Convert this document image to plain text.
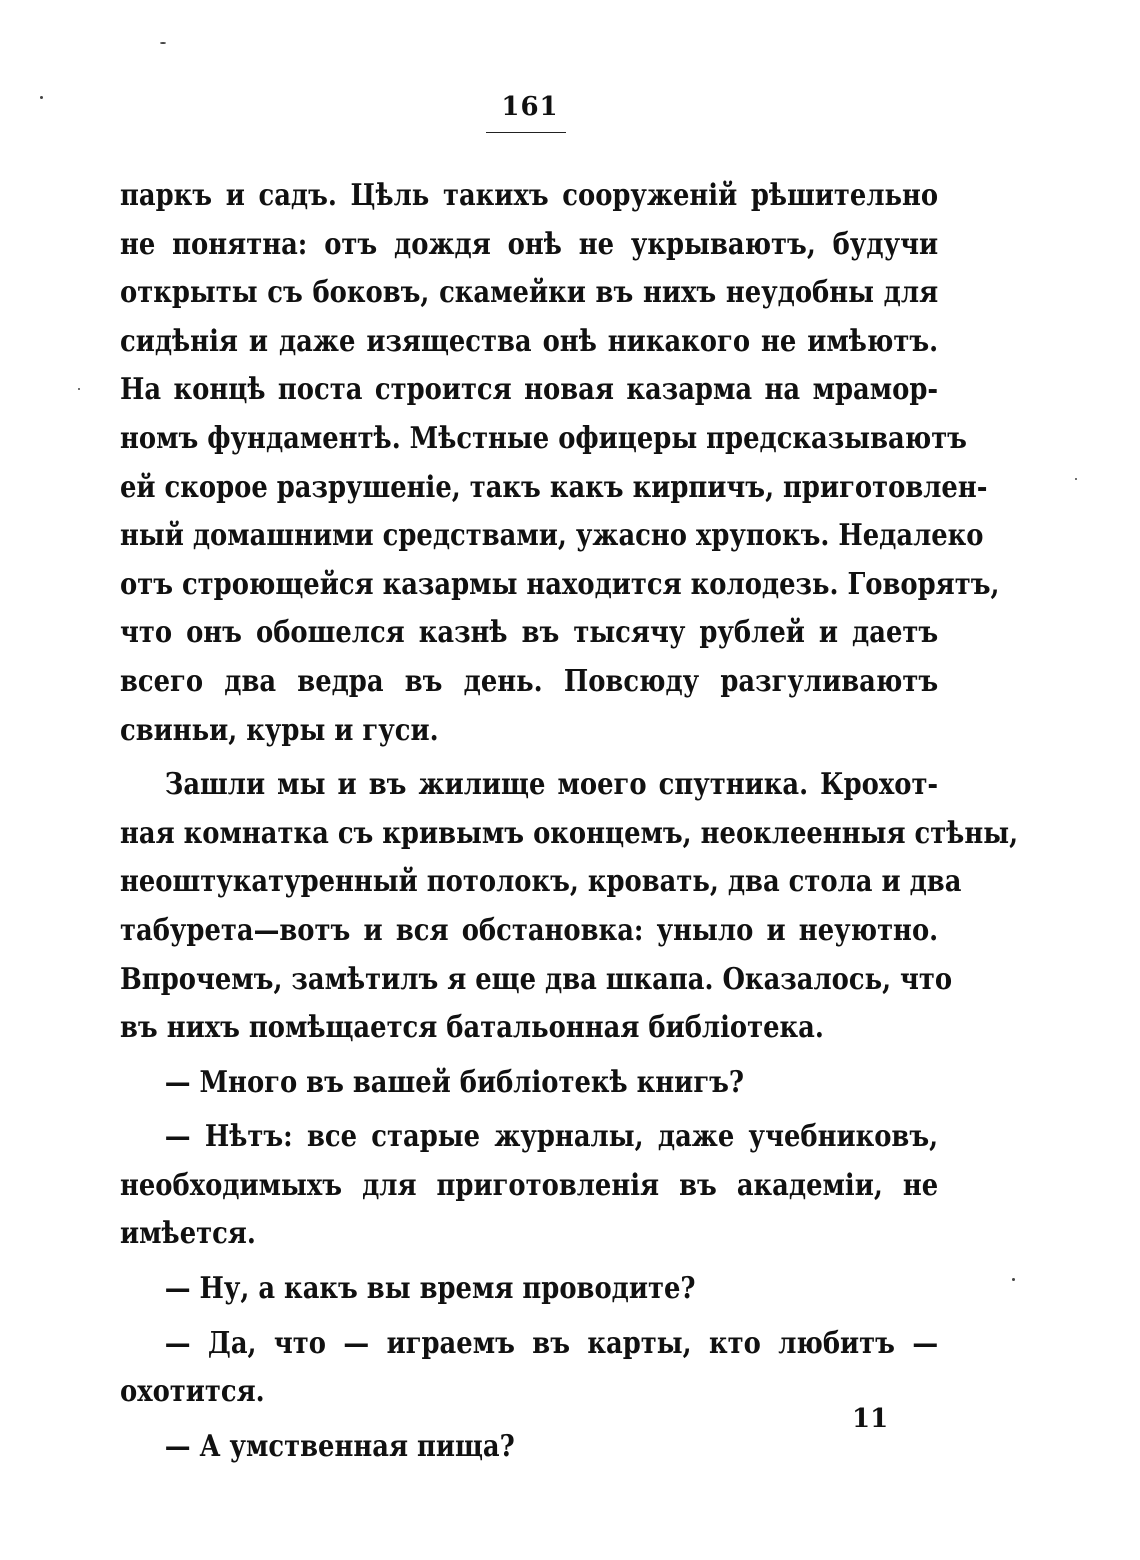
161
паркъ и садъ. Цѣль такихъ сооруженій рѣшительно
не понятна: отъ дождя онѣ не укрываютъ, будучи
открыты съ боковъ, скамейки въ нихъ неудобны для
сидѣнія и даже изящества онѣ никакого не имѣютъ.
На концѣ поста строится новая казарма на мрамор-
номъ фундаментѣ. Мѣстные офицеры предсказываютъ
ей скорое разрушеніе, такъ какъ кирпичъ, приготовлен-
ный домашними средствами, ужасно хрупокъ. Недалеко
отъ строющейся казармы находится колодезь. Говорятъ,
что онъ обошелся казнѣ въ тысячу рублей и даетъ
всего два ведра въ день. Повсюду разгуливаютъ
свиньи, куры и гуси.
Зашли мы и въ жилище моего спутника. Крохот-
ная комнатка съ кривымъ оконцемъ, неоклеенныя стѣны,
неоштукатуренный потолокъ, кровать, два стола и два
табурета—вотъ и вся обстановка: уныло и неуютно.
Впрочемъ, замѣтилъ я еще два шкапа. Оказалось, что
въ нихъ помѣщается батальонная библіотека.
— Много въ вашей библіотекѣ книгъ?
— Нѣтъ: все старые журналы, даже учебниковъ,
необходимыхъ для приготовленія въ академіи, не
имѣется.
— Ну, а какъ вы время проводите?
— Да, что — играемъ въ карты, кто любитъ —
охотится.
— А умственная пища?
11
